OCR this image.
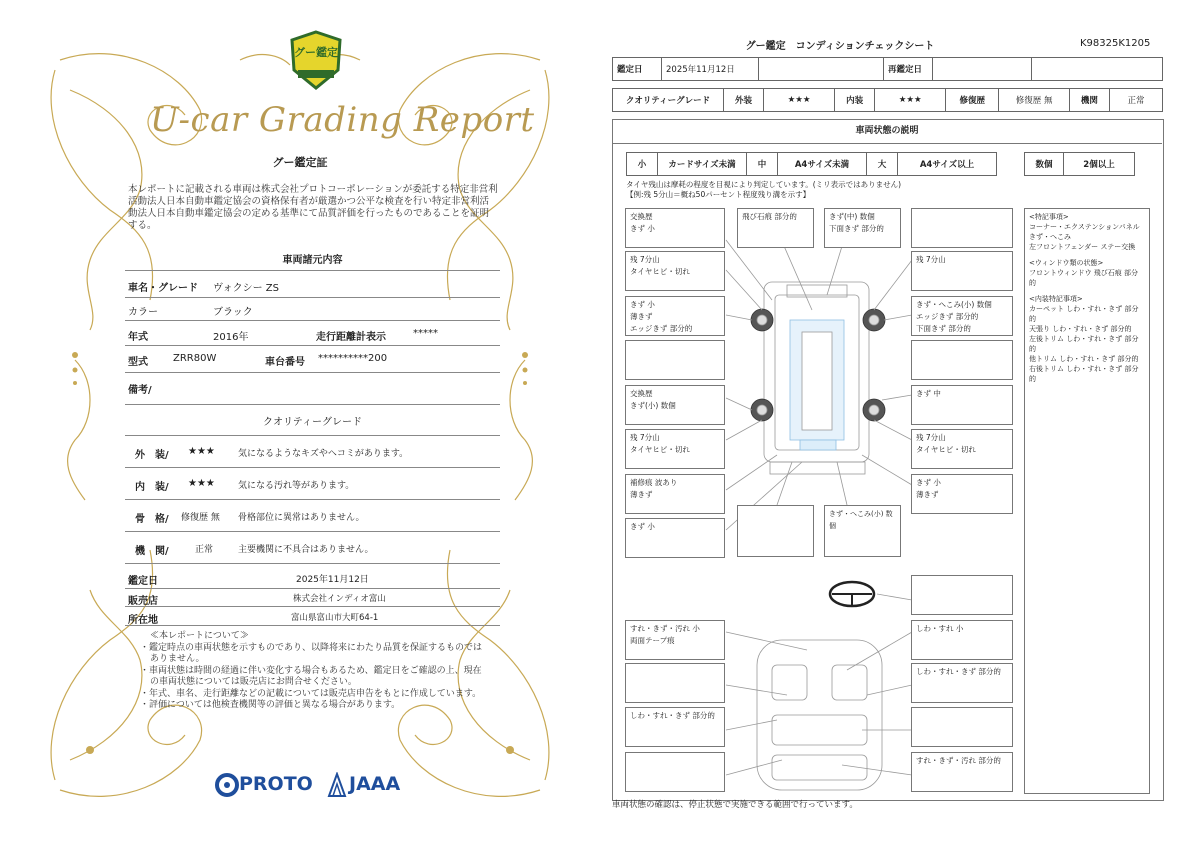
グー鑑定
U-car Grading Report
グー鑑定証
本レポートに記載される車両は株式会社プロトコーポレーションが委託する特定非営利活動法人日本自動車鑑定協会の資格保有者が厳選かつ公平な検査を行い特定非営利活動法人日本自動車鑑定協会の定める基準にて品質評価を行ったものであることを証明する。
車両諸元内容
車名・グレード ヴォクシー ZS
カラー	ブラック
年式	2016年	走行距離計表示	*****
型式	ZRR80W	車台番号 **********200
備考/
クオリティーグレード
外　装/ ★★★	気になるようなキズやヘコミがあります。
内　装/ ★★★	気になる汚れ等があります。
骨　格/ 修復歴 無 骨格部位に異常はありません。
機　関/	正常	主要機関に不具合はありません。
鑑定日	2025年11月12日
販売店	株式会社インディオ富山
所在地	富山県富山市大町64-1
≪本レポートについて≫
・鑑定時点の車両状態を示すものであり、以降将来にわたり品質を保証するものではありません。
・車両状態は時間の経過に伴い変化する場合もあるため、鑑定日をご確認の上、現在の車両状態については販売店にお問合せください。
・年式、車名、走行距離などの記載については販売店申告をもとに作成しています。
・評価については他検査機関等の評価と異なる場合があります。
PROTO JAAA
グー鑑定　コンディションチェックシート	K98325K1205
鑑定日	2025年11月12日		再鑑定日		
クオリティーグレード	外装	★★★	内装	★★★	修復歴	修復歴 無	機関	正常
車両状態の説明
小	カードサイズ未満	中	A4サイズ未満	大	A4サイズ以上	数個	2個以上
タイヤ残山は摩耗の程度を目視により判定しています。(ミリ表示ではありません)
【例:残 5分山＝概ね50パーセント程度残り溝を示す】
交換歴
きず 小
残 7分山
タイヤヒビ・切れ
きず 小
薄きず
エッジきず 部分的
交換歴
きず(小) 数個
残 7分山
タイヤヒビ・切れ
補修痕 波あり
薄きず
きず 小
飛び石痕 部分的	きず(中) 数個
下面きず 部分的
残 7分山
きず・へこみ(小) 数個
エッジきず 部分的
下面きず 部分的
きず 中
残 7分山
タイヤヒビ・切れ
きず 小
薄きず
きず・へこみ(小) 数個
すれ・きず・汚れ 小
両面テープ痕
しわ・すれ・きず 部分的
しわ・すれ 小
しわ・すれ・きず 部分的
すれ・きず・汚れ 部分的
<特記事項>
コーナー・エクステンションパネル
きず・へこみ
左フロントフェンダー ステー交換
<ウィンドウ類の状態>
フロントウィンドウ 飛び石痕 部分的
<内装特記事項>
カーペット しわ・すれ・きず 部分的
天張り しわ・すれ・きず 部分的
左後トリム しわ・すれ・きず 部分的
他トリム しわ・すれ・きず 部分的
右後トリム しわ・すれ・きず 部分的
車両状態の確認は、停止状態で実施できる範囲で行っています。
